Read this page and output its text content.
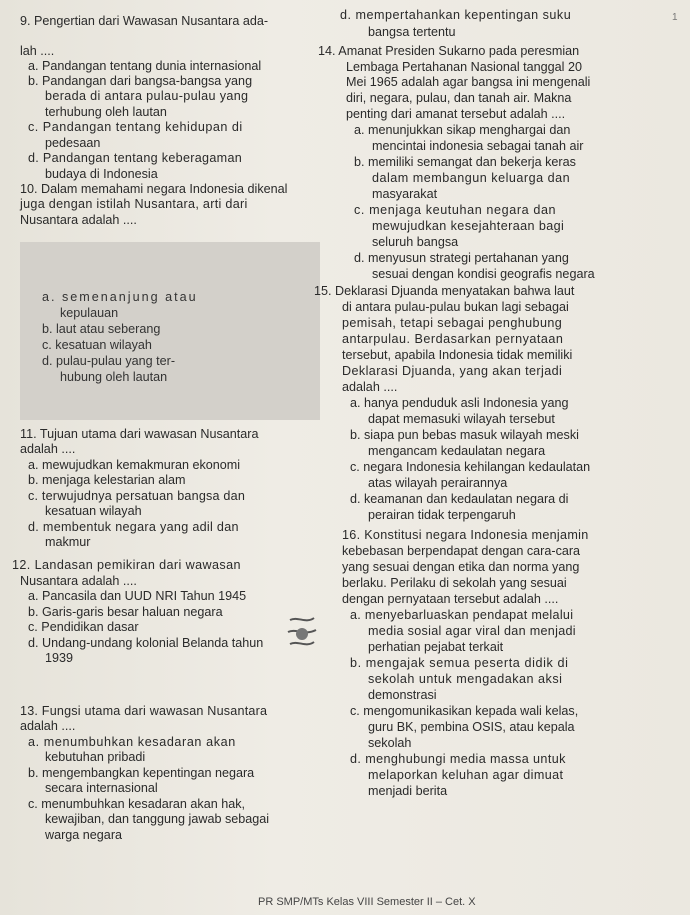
9. Pengertian dari Wawasan Nusantara ada-
lah ....
a. Pandangan tentang dunia internasional
b. Pandangan dari bangsa-bangsa yang
berada di antara pulau-pulau yang
terhubung oleh lautan
c. Pandangan tentang kehidupan di
pedesaan
d. Pandangan tentang keberagaman
budaya di Indonesia
10. Dalam memahami negara Indonesia dikenal
juga dengan istilah Nusantara, arti dari
Nusantara adalah ....
11. Tujuan utama dari wawasan Nusantara
adalah ....
a. mewujudkan kemakmuran ekonomi
b. menjaga kelestarian alam
c. terwujudnya persatuan bangsa dan
kesatuan wilayah
d. membentuk negara yang adil dan
makmur
12. Landasan pemikiran dari wawasan
Nusantara adalah ....
a. Pancasila dan UUD NRI Tahun 1945
b. Garis-garis besar haluan negara
c. Pendidikan dasar
d. Undang-undang kolonial Belanda tahun
1939
13. Fungsi utama dari wawasan Nusantara
adalah ....
a. menumbuhkan kesadaran akan
kebutuhan pribadi
b. mengembangkan kepentingan negara
secara internasional
c. menumbuhkan kesadaran akan hak,
kewajiban, dan tanggung jawab sebagai
warga negara
a. semenanjung atau
kepulauan
b. laut atau seberang
c. kesatuan wilayah
d. pulau-pulau yang ter-
hubung oleh lautan
d. mempertahankan kepentingan suku
bangsa tertentu
14. Amanat Presiden Sukarno pada peresmian
Lembaga Pertahanan Nasional tanggal 20
Mei 1965 adalah agar bangsa ini mengenali
diri, negara, pulau, dan tanah air. Makna
penting dari amanat tersebut adalah ....
a. menunjukkan sikap menghargai dan
mencintai indonesia sebagai tanah air
b. memiliki semangat dan bekerja keras
dalam membangun keluarga dan
masyarakat
c. menjaga keutuhan negara dan
mewujudkan kesejahteraan bagi
seluruh bangsa
d. menyusun strategi pertahanan yang
sesuai dengan kondisi geografis negara
15. Deklarasi Djuanda menyatakan bahwa laut
di antara pulau-pulau bukan lagi sebagai
pemisah, tetapi sebagai penghubung
antarpulau. Berdasarkan pernyataan
tersebut, apabila Indonesia tidak memiliki
Deklarasi Djuanda, yang akan terjadi
adalah ....
a. hanya penduduk asli Indonesia yang
dapat memasuki wilayah tersebut
b. siapa pun bebas masuk wilayah meski
mengancam kedaulatan negara
c. negara Indonesia kehilangan kedaulatan
atas wilayah perairannya
d. keamanan dan kedaulatan negara di
perairan tidak terpengaruh
16. Konstitusi negara Indonesia menjamin
kebebasan berpendapat dengan cara-cara
yang sesuai dengan etika dan norma yang
berlaku. Perilaku di sekolah yang sesuai
dengan pernyataan tersebut adalah ....
a. menyebarluaskan pendapat melalui
media sosial agar viral dan menjadi
perhatian pejabat terkait
b. mengajak semua peserta didik di
sekolah untuk mengadakan aksi
demonstrasi
c. mengomunikasikan kepada wali kelas,
guru BK, pembina OSIS, atau kepala
sekolah
d. menghubungi media massa untuk
melaporkan keluhan agar dimuat
menjadi berita
PR SMP/MTs Kelas VIII Semester II – Cet. X
1
